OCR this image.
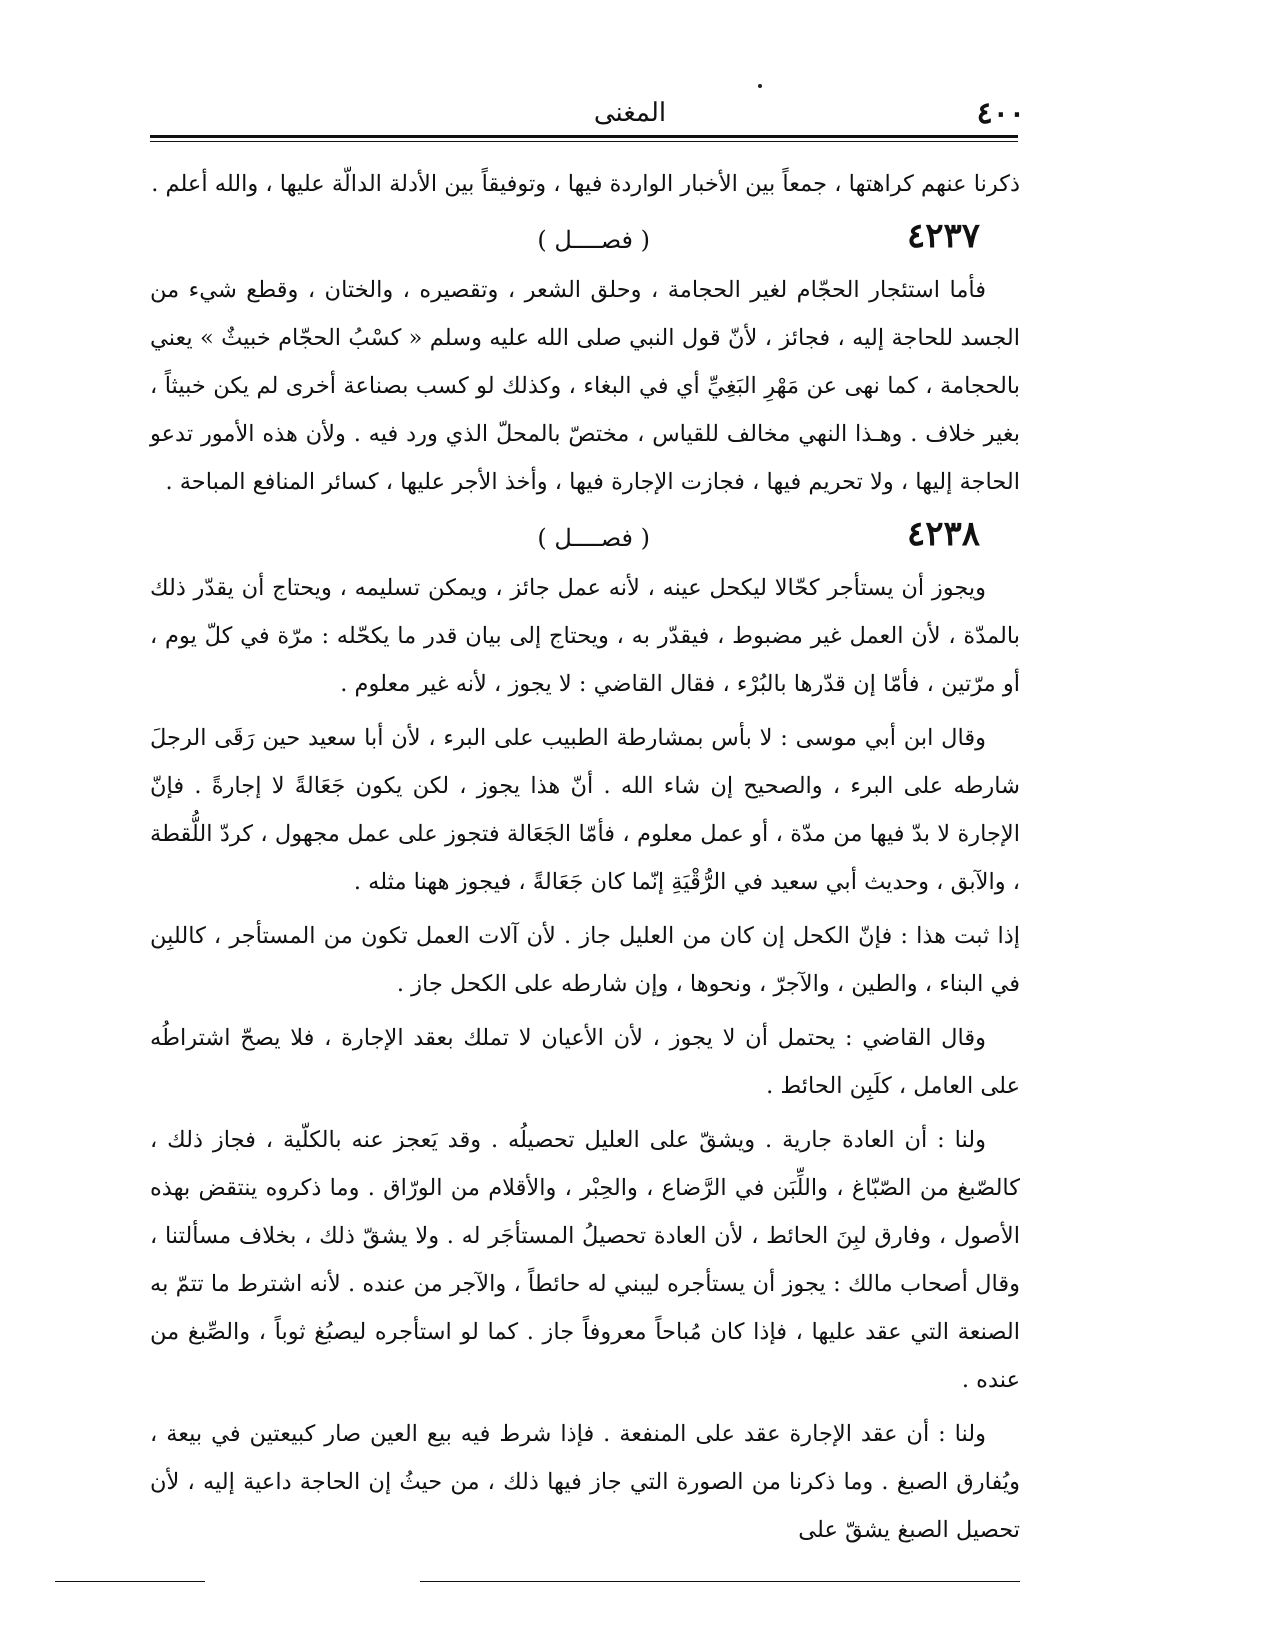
المغنى	٤٠٠

ذكرنا عنهم كراهتها ، جمعاً بين الأخبار الواردة فيها ، وتوفيقاً بين الأدلة الدالّة عليها ، والله أعلم .

٤٢٣٧
( فصــــل )

فأما استئجار الحجّام لغير الحجامة ، وحلق الشعر ، وتقصيره ، والختان ، وقطع شيء من الجسد للحاجة إليه ، فجائز ، لأنّ قول النبي صلى الله عليه وسلم « كسْبُ الحجّام خبيثٌ » يعني بالحجامة ، كما نهى عن مَهْرِ البَغِيِّ أي في البغاء ، وكذلك لو كسب بصناعة أخرى لم يكن خبيثاً ، بغير خلاف . وهـذا النهي مخالف للقياس ، مختصّ بالمحلّ الذي ورد فيه . ولأن هذه الأمور تدعو الحاجة إليها ، ولا تحريم فيها ، فجازت الإجارة فيها ، وأخذ الأجر عليها ، كسائر المنافع المباحة .

٤٢٣٨
( فصــــل )

ويجوز أن يستأجر كحّالا ليكحل عينه ، لأنه عمل جائز ، ويمكن تسليمه ، ويحتاج أن يقدّر ذلك بالمدّة ، لأن العمل غير مضبوط ، فيقدّر به ، ويحتاج إلى بيان قدر ما يكحّله : مرّة في كلّ يوم ، أو مرّتين ، فأمّا إن قدّرها بالبُرْء ، فقال القاضي : لا يجوز ، لأنه غير معلوم .

وقال ابن أبي موسى : لا بأس بمشارطة الطبيب على البرء ، لأن أبا سعيد حين رَقَى الرجلَ شارطه على البرء ، والصحيح إن شاء الله . أنّ هذا يجوز ، لكن يكون جَعَالةً لا إجارةً . فإنّ الإجارة لا بدّ فيها من مدّة ، أو عمل معلوم ، فأمّا الجَعَالة فتجوز على عمل مجهول ، كردّ اللُّقطة ، والآبق ، وحديث أبي سعيد في الرُّقْيَةِ إنّما كان جَعَالةً ، فيجوز ههنا مثله .

إذا ثبت هذا : فإنّ الكحل إن كان من العليل جاز . لأن آلات العمل تكون من المستأجر ، كاللبِن في البناء ، والطين ، والآجرّ ، ونحوها ، وإن شارطه على الكحل جاز .

وقال القاضي : يحتمل أن لا يجوز ، لأن الأعيان لا تملك بعقد الإجارة ، فلا يصحّ اشتراطُه على العامل ، كلَبِن الحائط .

ولنا : أن العادة جارية . ويشقّ على العليل تحصيلُه . وقد يَعجز عنه بالكلّية ، فجاز ذلك ، كالصّبغ من الصّبّاغ ، واللِّبَن في الرَّضاع ، والحِبْر ، والأقلام من الورّاق . وما ذكروه ينتقض بهذه الأصول ، وفارق لبِنَ الحائط ، لأن العادة تحصيلُ المستأجَر له . ولا يشقّ ذلك ، بخلاف مسألتنا ، وقال أصحاب مالك : يجوز أن يستأجره ليبني له حائطاً ، والآجر من عنده . لأنه اشترط ما تتمّ به الصنعة التي عقد عليها ، فإذا كان مُباحاً معروفاً جاز . كما لو استأجره ليصبُغ ثوباً ، والصِّبغ من عنده .

ولنا : أن عقد الإجارة عقد على المنفعة . فإذا شرط فيه بيع العين صار كبيعتين في بيعة ، ويُفارق الصبغ . وما ذكرنا من الصورة التي جاز فيها ذلك ، من حيثُ إن الحاجة داعية إليه ، لأن تحصيل الصبغ يشقّ على
